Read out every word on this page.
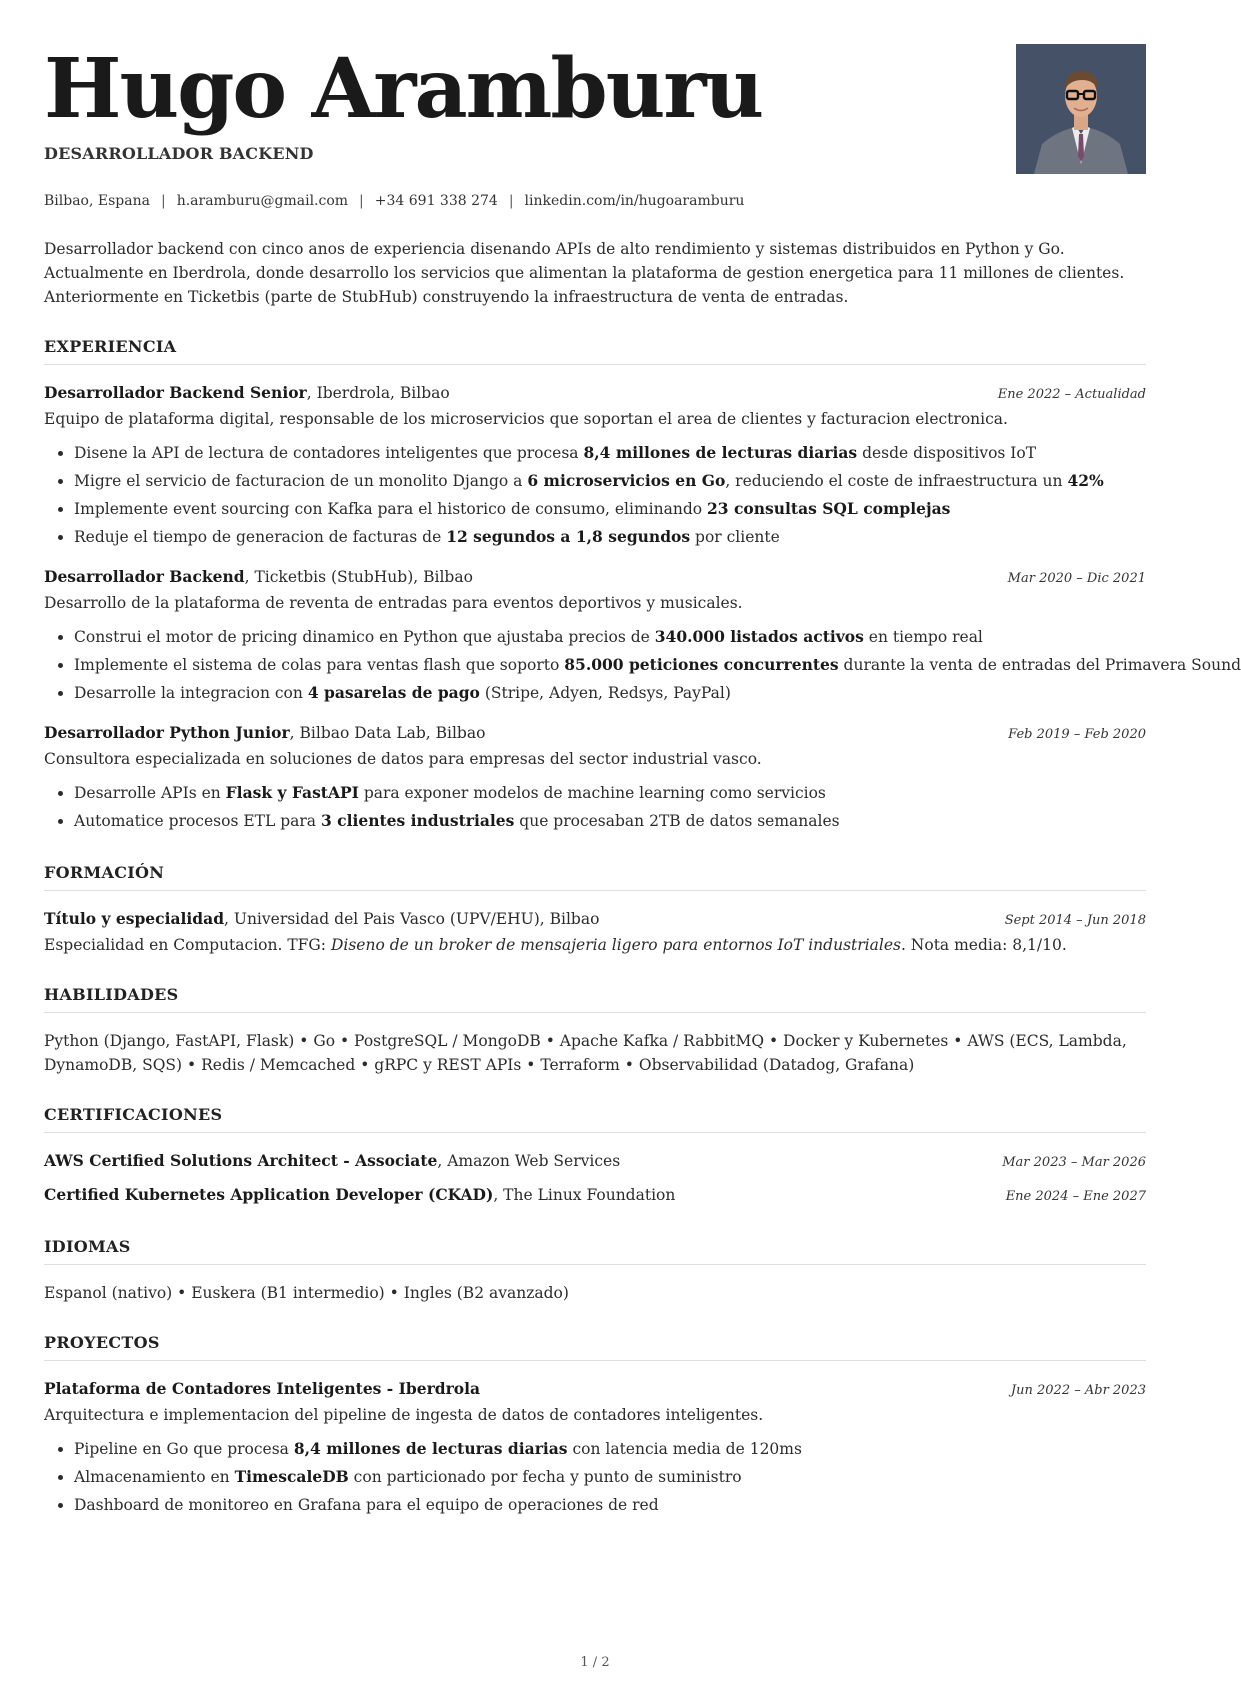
Hugo Aramburu
DESARROLLADOR BACKEND
Bilbao, Espana | h.aramburu@gmail.com | +34 691 338 274 | linkedin.com/in/hugoaramburu
Desarrollador backend con cinco anos de experiencia disenando APIs de alto rendimiento y sistemas distribuidos en Python y Go. Actualmente en Iberdrola, donde desarrollo los servicios que alimentan la plataforma de gestion energetica para 11 millones de clientes. Anteriormente en Ticketbis (parte de StubHub) construyendo la infraestructura de venta de entradas.
EXPERIENCIA
Desarrollador Backend Senior, Iberdrola, Bilbao	Ene 2022 – Actualidad
Equipo de plataforma digital, responsable de los microservicios que soportan el area de clientes y facturacion electronica.
• Disene la API de lectura de contadores inteligentes que procesa 8,4 millones de lecturas diarias desde dispositivos IoT
• Migre el servicio de facturacion de un monolito Django a 6 microservicios en Go, reduciendo el coste de infraestructura un 42%
• Implemente event sourcing con Kafka para el historico de consumo, eliminando 23 consultas SQL complejas
• Reduje el tiempo de generacion de facturas de 12 segundos a 1,8 segundos por cliente
Desarrollador Backend, Ticketbis (StubHub), Bilbao	Mar 2020 – Dic 2021
Desarrollo de la plataforma de reventa de entradas para eventos deportivos y musicales.
• Construi el motor de pricing dinamico en Python que ajustaba precios de 340.000 listados activos en tiempo real
• Implemente el sistema de colas para ventas flash que soporto 85.000 peticiones concurrentes durante la venta de entradas del Primavera Sound
• Desarrolle la integracion con 4 pasarelas de pago (Stripe, Adyen, Redsys, PayPal)
Desarrollador Python Junior, Bilbao Data Lab, Bilbao	Feb 2019 – Feb 2020
Consultora especializada en soluciones de datos para empresas del sector industrial vasco.
• Desarrolle APIs en Flask y FastAPI para exponer modelos de machine learning como servicios
• Automatice procesos ETL para 3 clientes industriales que procesaban 2TB de datos semanales
FORMACIÓN
Título y especialidad, Universidad del Pais Vasco (UPV/EHU), Bilbao	Sept 2014 – Jun 2018
Especialidad en Computacion. TFG: Diseno de un broker de mensajeria ligero para entornos IoT industriales. Nota media: 8,1/10.
HABILIDADES
Python (Django, FastAPI, Flask) • Go • PostgreSQL / MongoDB • Apache Kafka / RabbitMQ • Docker y Kubernetes • AWS (ECS, Lambda, DynamoDB, SQS) • Redis / Memcached • gRPC y REST APIs • Terraform • Observabilidad (Datadog, Grafana)
CERTIFICACIONES
AWS Certified Solutions Architect - Associate, Amazon Web Services	Mar 2023 – Mar 2026
Certified Kubernetes Application Developer (CKAD), The Linux Foundation	Ene 2024 – Ene 2027
IDIOMAS
Espanol (nativo) • Euskera (B1 intermedio) • Ingles (B2 avanzado)
PROYECTOS
Plataforma de Contadores Inteligentes - Iberdrola	Jun 2022 – Abr 2023
Arquitectura e implementacion del pipeline de ingesta de datos de contadores inteligentes.
• Pipeline en Go que procesa 8,4 millones de lecturas diarias con latencia media de 120ms
• Almacenamiento en TimescaleDB con particionado por fecha y punto de suministro
• Dashboard de monitoreo en Grafana para el equipo de operaciones de red
1 / 2
